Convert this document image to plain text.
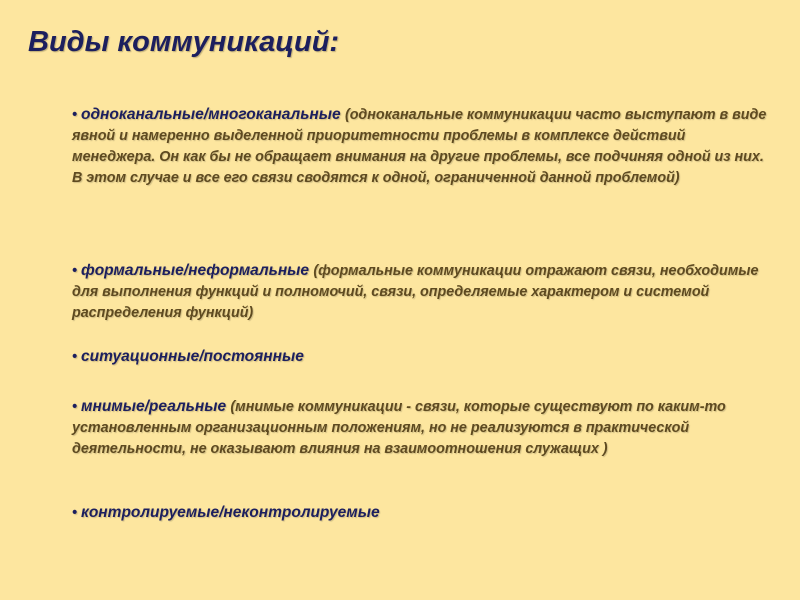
Виды коммуникаций:

• одноканальные/многоканальные (одноканальные коммуникации часто выступают в виде явной и намеренно выделенной приоритетности проблемы в комплексе действий менеджера. Он как бы не обращает внимания на другие проблемы, все подчиняя одной из них. В этом случае и все его связи сводятся к одной, ограниченной данной проблемой)

• формальные/неформальные (формальные коммуникации отражают связи, необходимые для выполнения функций и полномочий, связи, определяемые характером и системой распределения функций)

• ситуационные/постоянные

• мнимые/реальные (мнимые коммуникации - связи, которые существуют по каким-то установленным организационным положениям, но не реализуются в практической деятельности, не оказывают влияния на взаимоотношения служащих )

• контролируемые/неконтролируемые
